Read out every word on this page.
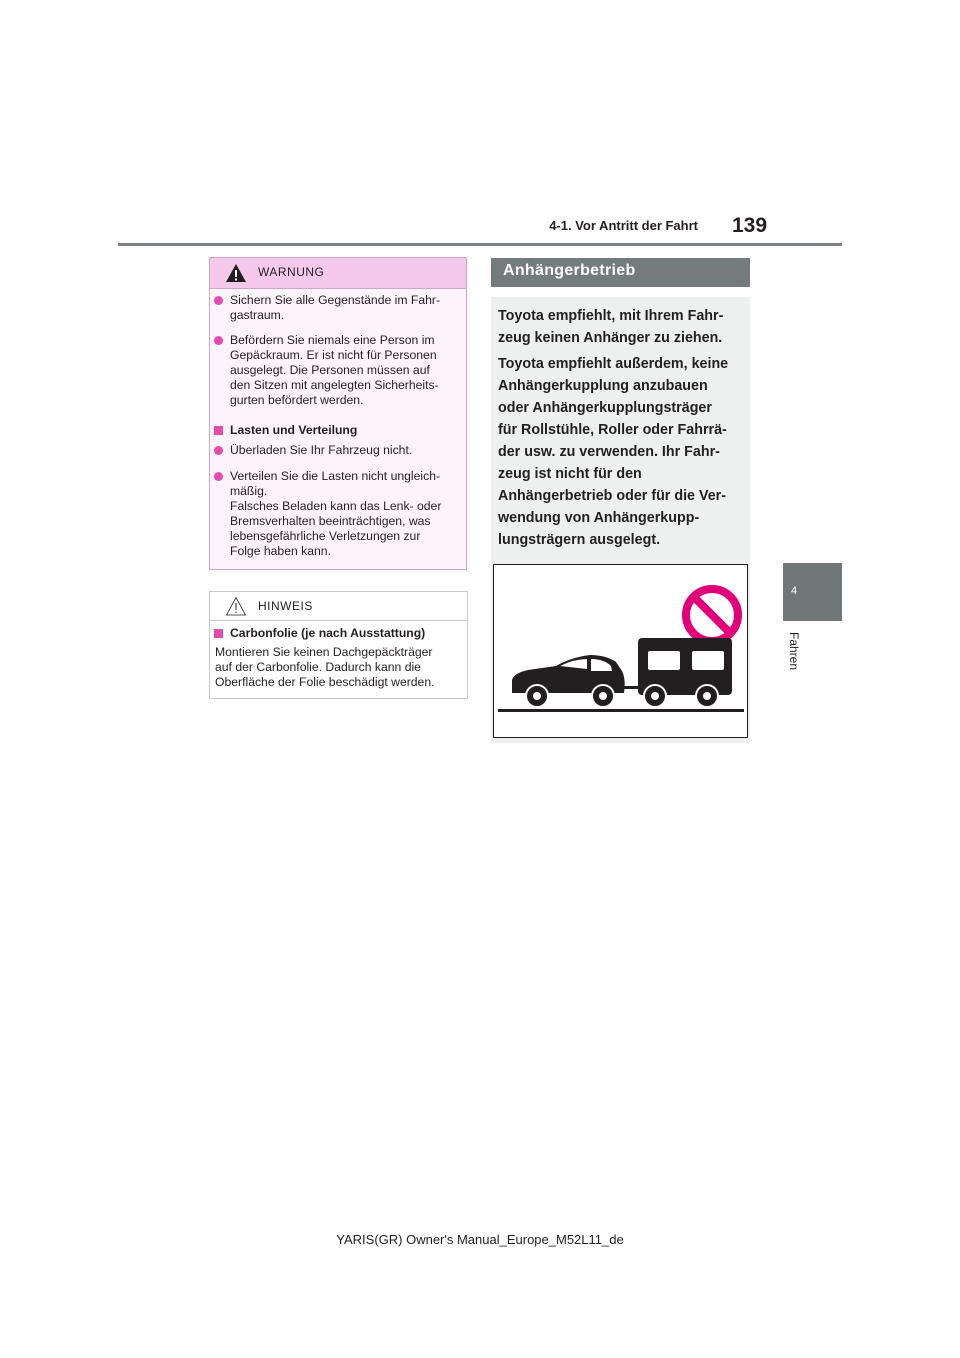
4-1. Vor Antritt der Fahrt 139
4
Fahren
WARNUNG
Sichern Sie alle Gegenstände im Fahr-
gastraum.
Befördern Sie niemals eine Person im
Gepäckraum. Er ist nicht für Personen
ausgelegt. Die Personen müssen auf
den Sitzen mit angelegten Sicherheits-
gurten befördert werden.
Lasten und Verteilung
Überladen Sie Ihr Fahrzeug nicht.
Verteilen Sie die Lasten nicht ungleich-
mäßig.
Falsches Beladen kann das Lenk- oder
Bremsverhalten beeinträchtigen, was
lebensgefährliche Verletzungen zur
Folge haben kann.
HINWEIS
Carbonfolie (je nach Ausstattung)
Montieren Sie keinen Dachgepäckträger
auf der Carbonfolie. Dadurch kann die
Oberfläche der Folie beschädigt werden.
Anhängerbetrieb
Toyota empfiehlt, mit Ihrem Fahr-
zeug keinen Anhänger zu ziehen.
Toyota empfiehlt außerdem, keine
Anhängerkupplung anzubauen
oder Anhängerkupplungsträger
für Rollstühle, Roller oder Fahrrä-
der usw. zu verwenden. Ihr Fahr-
zeug ist nicht für den
Anhängerbetrieb oder für die Ver-
wendung von Anhängerkupp-
lungsträgern ausgelegt.
YARIS(GR) Owner's Manual_Europe_M52L11_de
